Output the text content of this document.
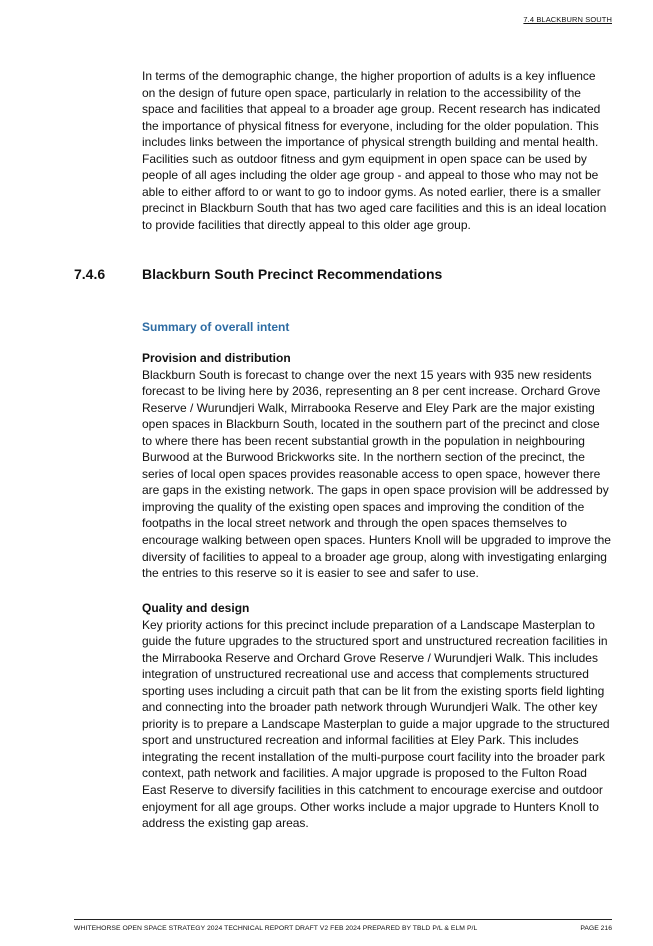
7.4 BLACKBURN SOUTH

In terms of the demographic change, the higher proportion of adults is a key influence on the design of future open space, particularly in relation to the accessibility of the space and facilities that appeal to a broader age group. Recent research has indicated the importance of physical fitness for everyone, including for the older population. This includes links between the importance of physical strength building and mental health. Facilities such as outdoor fitness and gym equipment in open space can be used by people of all ages including the older age group - and appeal to those who may not be able to either afford to or want to go to indoor gyms. As noted earlier, there is a smaller precinct in Blackburn South that has two aged care facilities and this is an ideal location to provide facilities that directly appeal to this older age group.

7.4.6	Blackburn South Precinct Recommendations
Summary of overall intent

Provision and distribution

Blackburn South is forecast to change over the next 15 years with 935 new residents forecast to be living here by 2036, representing an 8 per cent increase. Orchard Grove Reserve / Wurundjeri Walk, Mirrabooka Reserve and Eley Park are the major existing open spaces in Blackburn South, located in the southern part of the precinct and close to where there has been recent substantial growth in the population in neighbouring Burwood at the Burwood Brickworks site. In the northern section of the precinct, the series of local open spaces provides reasonable access to open space, however there are gaps in the existing network. The gaps in open space provision will be addressed by improving the quality of the existing open spaces and improving the condition of the footpaths in the local street network and through the open spaces themselves to encourage walking between open spaces. Hunters Knoll will be upgraded to improve the diversity of facilities to appeal to a broader age group, along with investigating enlarging the entries to this reserve so it is easier to see and safer to use.

Quality and design

Key priority actions for this precinct include preparation of a Landscape Masterplan to guide the future upgrades to the structured sport and unstructured recreation facilities in the Mirrabooka Reserve and Orchard Grove Reserve / Wurundjeri Walk. This includes integration of unstructured recreational use and access that complements structured sporting uses including a circuit path that can be lit from the existing sports field lighting and connecting into the broader path network through Wurundjeri Walk. The other key priority is to prepare a Landscape Masterplan to guide a major upgrade to the structured sport and unstructured recreation and informal facilities at Eley Park. This includes integrating the recent installation of the multi-purpose court facility into the broader park context, path network and facilities. A major upgrade is proposed to the Fulton Road East Reserve to diversify facilities in this catchment to encourage exercise and outdoor enjoyment for all age groups. Other works include a major upgrade to Hunters Knoll to address the existing gap areas.

WHITEHORSE OPEN SPACE STRATEGY 2024 TECHNICAL REPORT DRAFT V2 FEB 2024 PREPARED BY TBLD P/L & ELM P/L	PAGE 216
